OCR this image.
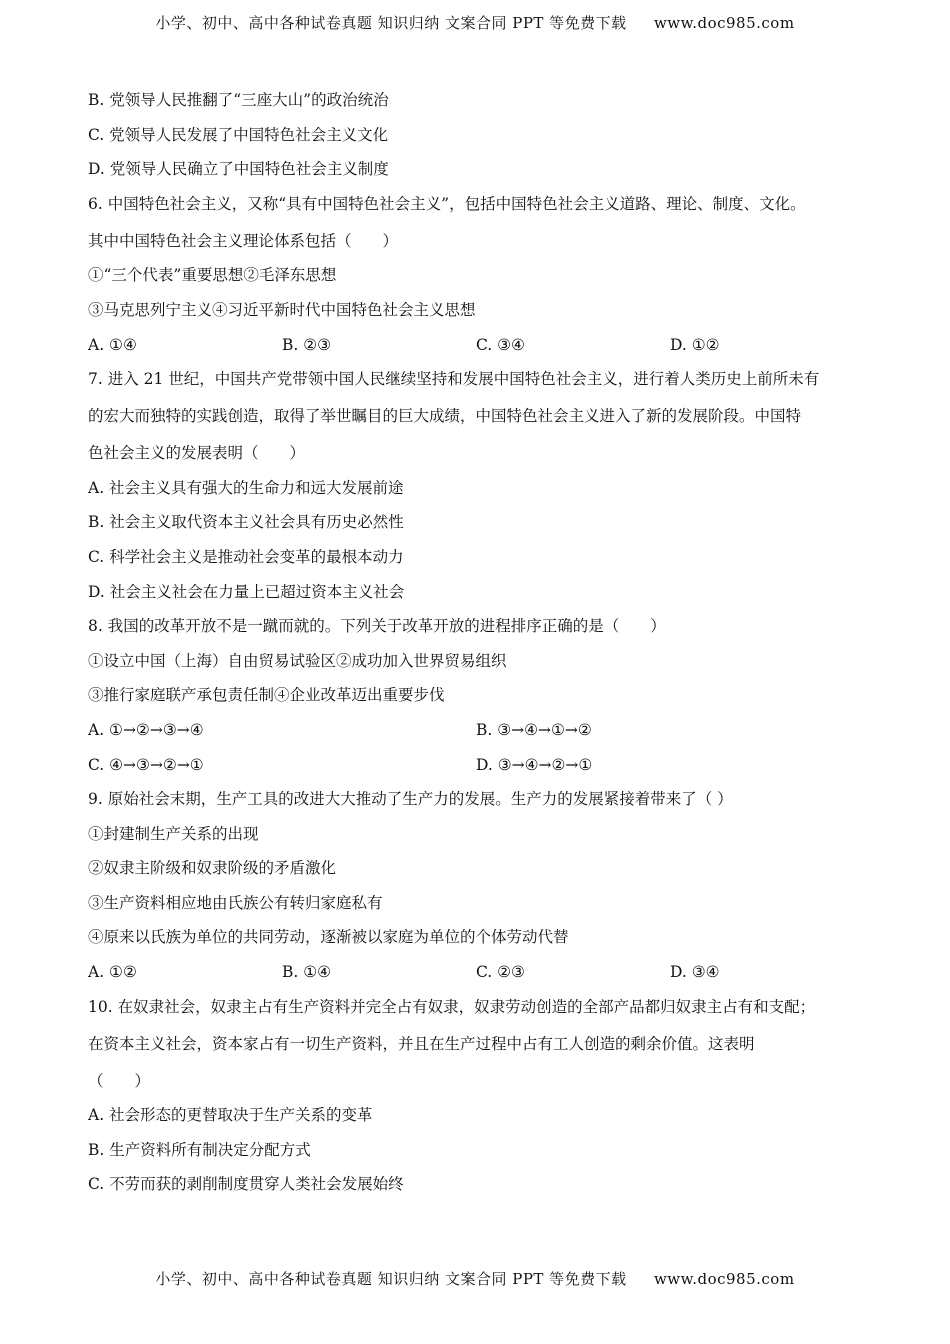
小学、初中、高中各种试卷真题 知识归纳 文案合同 PPT 等免费下载 www.doc985.com
B. 党领导人民推翻了“三座大山”的政治统治
C. 党领导人民发展了中国特色社会主义文化
D. 党领导人民确立了中国特色社会主义制度
6. 中国特色社会主义，又称“具有中国特色社会主义”，包括中国特色社会主义道路、理论、制度、文化。
其中中国特色社会主义理论体系包括（　　）
①“三个代表”重要思想②毛泽东思想
③马克思列宁主义④习近平新时代中国特色社会主义思想
A. ①④	B. ②③	C. ③④	D. ①②
7. 进入 21 世纪，中国共产党带领中国人民继续坚持和发展中国特色社会主义，进行着人类历史上前所未有
的宏大而独特的实践创造，取得了举世瞩目的巨大成绩，中国特色社会主义进入了新的发展阶段。中国特
色社会主义的发展表明（　　）
A. 社会主义具有强大的生命力和远大发展前途
B. 社会主义取代资本主义社会具有历史必然性
C. 科学社会主义是推动社会变革的最根本动力
D. 社会主义社会在力量上已超过资本主义社会
8. 我国的改革开放不是一蹴而就的。下列关于改革开放的进程排序正确的是（　　）
①设立中国（上海）自由贸易试验区②成功加入世界贸易组织
③推行家庭联产承包责任制④企业改革迈出重要步伐
A. ①→②→③→④	B. ③→④→①→②
C. ④→③→②→①	D. ③→④→②→①
9. 原始社会末期，生产工具的改进大大推动了生产力的发展。生产力的发展紧接着带来了（ ）
①封建制生产关系的出现
②奴隶主阶级和奴隶阶级的矛盾激化
③生产资料相应地由氏族公有转归家庭私有
④原来以氏族为单位的共同劳动，逐渐被以家庭为单位的个体劳动代替
A. ①②	B. ①④	C. ②③	D. ③④
10. 在奴隶社会，奴隶主占有生产资料并完全占有奴隶，奴隶劳动创造的全部产品都归奴隶主占有和支配；
在资本主义社会，资本家占有一切生产资料，并且在生产过程中占有工人创造的剩余价值。这表明
（　　）
A. 社会形态的更替取决于生产关系的变革
B. 生产资料所有制决定分配方式
C. 不劳而获的剥削制度贯穿人类社会发展始终
小学、初中、高中各种试卷真题 知识归纳 文案合同 PPT 等免费下载 www.doc985.com
